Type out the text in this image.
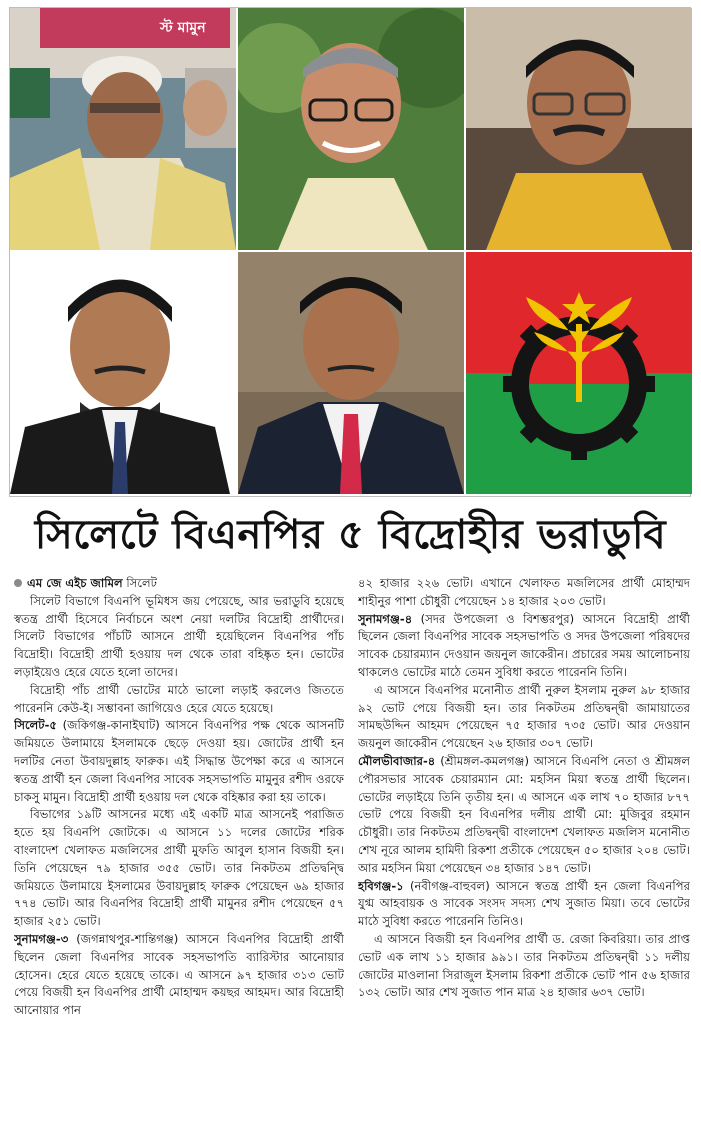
স্ট মামুন
সিলেটে বিএনপির ৫ বিদ্রোহীর ভরাডুবি

এম জে এইচ জামিল সিলেট

সিলেট বিভাগে বিএনপি ভূমিধস জয় পেয়েছে, আর ভরাডুবি হয়েছে স্বতন্ত্র প্রার্থী হিসেবে নির্বাচনে অংশ নেয়া দলটির বিদ্রোহী প্রার্থীদের। সিলেট বিভাগের পাঁচটি আসনে প্রার্থী হয়েছিলেন বিএনপির পাঁচ বিদ্রোহী। বিদ্রোহী প্রার্থী হওয়ায় দল থেকে তারা বহিষ্কৃত হন। ভোটের লড়াইয়েও হেরে যেতে হলো তাদের।

বিদ্রোহী পাঁচ প্রার্থী ভোটের মাঠে ভালো লড়াই করলেও জিততে পারেননি কেউ-ই। সম্ভাবনা জাগিয়েও হেরে যেতে হয়েছে।

সিলেট-৫ (জকিগঞ্জ-কানাইঘাট) আসনে বিএনপির পক্ষ থেকে আসনটি জমিয়তে উলামায়ে ইসলামকে ছেড়ে দেওয়া হয়। জোটের প্রার্থী হন দলটির নেতা উবায়দুল্লাহ ফারুক। এই সিদ্ধান্ত উপেক্ষা করে এ আসনে স্বতন্ত্র প্রার্থী হন জেলা বিএনপির সাবেক সহসভাপতি মামুনুর রশীদ ওরফে চাকসু মামুন। বিদ্রোহী প্রার্থী হওয়ায় দল থেকে বহিষ্কার করা হয় তাকে।

বিভাগের ১৯টি আসনের মধ্যে এই একটি মাত্র আসনেই পরাজিত হতে হয় বিএনপি জোটকে। এ আসনে ১১ দলের জোটের শরিক বাংলাদেশ খেলাফত মজলিসের প্রার্থী মুফতি আবুল হাসান বিজয়ী হন। তিনি পেয়েছেন ৭৯ হাজার ৩৫৫ ভোট। তার নিকটতম প্রতিদ্বন্দ্বি জমিয়তে উলামায়ে ইসলামের উবায়দুল্লাহ ফারুক পেয়েছেন ৬৯ হাজার ৭৭৪ ভোট। আর বিএনপির বিদ্রোহী প্রার্থী মামুনর রশীদ পেয়েছেন ৫৭ হাজার ২৫১ ভোট।

সুনামগঞ্জ-৩ (জগন্নাথপুর-শান্তিগঞ্জ) আসনে বিএনপির বিদ্রোহী প্রার্থী ছিলেন জেলা বিএনপির সাবেক সহসভাপতি ব্যারিস্টার আনোয়ার হোসেন। হেরে যেতে হয়েছে তাকে। এ আসনে ৯৭ হাজার ৩১৩ ভোট পেয়ে বিজয়ী হন বিএনপির প্রার্থী মোহাম্মদ কয়ছর আহমদ। আর বিদ্রোহী আনোয়ার পান

৪২ হাজার ২২৬ ভোট। এখানে খেলাফত মজলিসের প্রার্থী মোহাম্মদ শাহীনুর পাশা চৌধুরী পেয়েছেন ১৪ হাজার ২০৩ ভোট।

সুনামগঞ্জ-৪ (সদর উপজেলা ও বিশম্ভরপুর) আসনে বিদ্রোহী প্রার্থী ছিলেন জেলা বিএনপির সাবেক সহসভাপতি ও সদর উপজেলা পরিষদের সাবেক চেয়ারম্যান দেওয়ান জয়নুল জাকেরীন। প্রচারের সময় আলোচনায় থাকলেও ভোটের মাঠে তেমন সুবিধা করতে পারেননি তিনি।

এ আসনে বিএনপির মনোনীত প্রার্থী নুরুল ইসলাম নুরুল ৯৮ হাজার ৯২ ভোট পেয়ে বিজয়ী হন। তার নিকটতম প্রতিদ্বন্দ্বী জামায়াতের সামছউদ্দিন আহমদ পেয়েছেন ৭৫ হাজার ৭৩৫ ভোট। আর দেওয়ান জয়নুল জাকেরীন পেয়েছেন ২৬ হাজার ৩০৭ ভোট।

মৌলভীবাজার-৪ (শ্রীমঙ্গল-কমলগঞ্জ) আসনে বিএনপি নেতা ও শ্রীমঙ্গল পৌরসভার সাবেক চেয়ারম্যান মো: মহসিন মিয়া স্বতন্ত্র প্রার্থী ছিলেন। ভোটের লড়াইয়ে তিনি তৃতীয় হন। এ আসনে এক লাখ ৭০ হাজার ৮৭৭ ভোট পেয়ে বিজয়ী হন বিএনপির দলীয় প্রার্থী মো: মুজিবুর রহমান চৌধুরী। তার নিকটতম প্রতিদ্বন্দ্বী বাংলাদেশ খেলাফত মজলিস মনোনীত শেখ নূরে আলম হামিদী রিকশা প্রতীকে পেয়েছেন ৫০ হাজার ২০৪ ভোট। আর মহসিন মিয়া পেয়েছেন ৩৪ হাজার ১৪৭ ভোট।

হবিগঞ্জ-১ (নবীগঞ্জ-বাহুবল) আসনে স্বতন্ত্র প্রার্থী হন জেলা বিএনপির যুগ্ম আহবায়ক ও সাবেক সংসদ সদস্য শেখ সুজাত মিয়া। তবে ভোটের মাঠে সুবিধা করতে পারেননি তিনিও।

এ আসনে বিজয়ী হন বিএনপির প্রার্থী ড. রেজা কিবরিয়া। তার প্রাপ্ত ভোট এক লাখ ১১ হাজার ৯৯১। তার নিকটতম প্রতিদ্বন্দ্বী ১১ দলীয় জোটের মাওলানা সিরাজুল ইসলাম রিকশা প্রতীকে ভোট পান ৫৬ হাজার ১৩২ ভোট। আর শেখ সুজাত পান মাত্র ২৪ হাজার ৬৩৭ ভোট।
